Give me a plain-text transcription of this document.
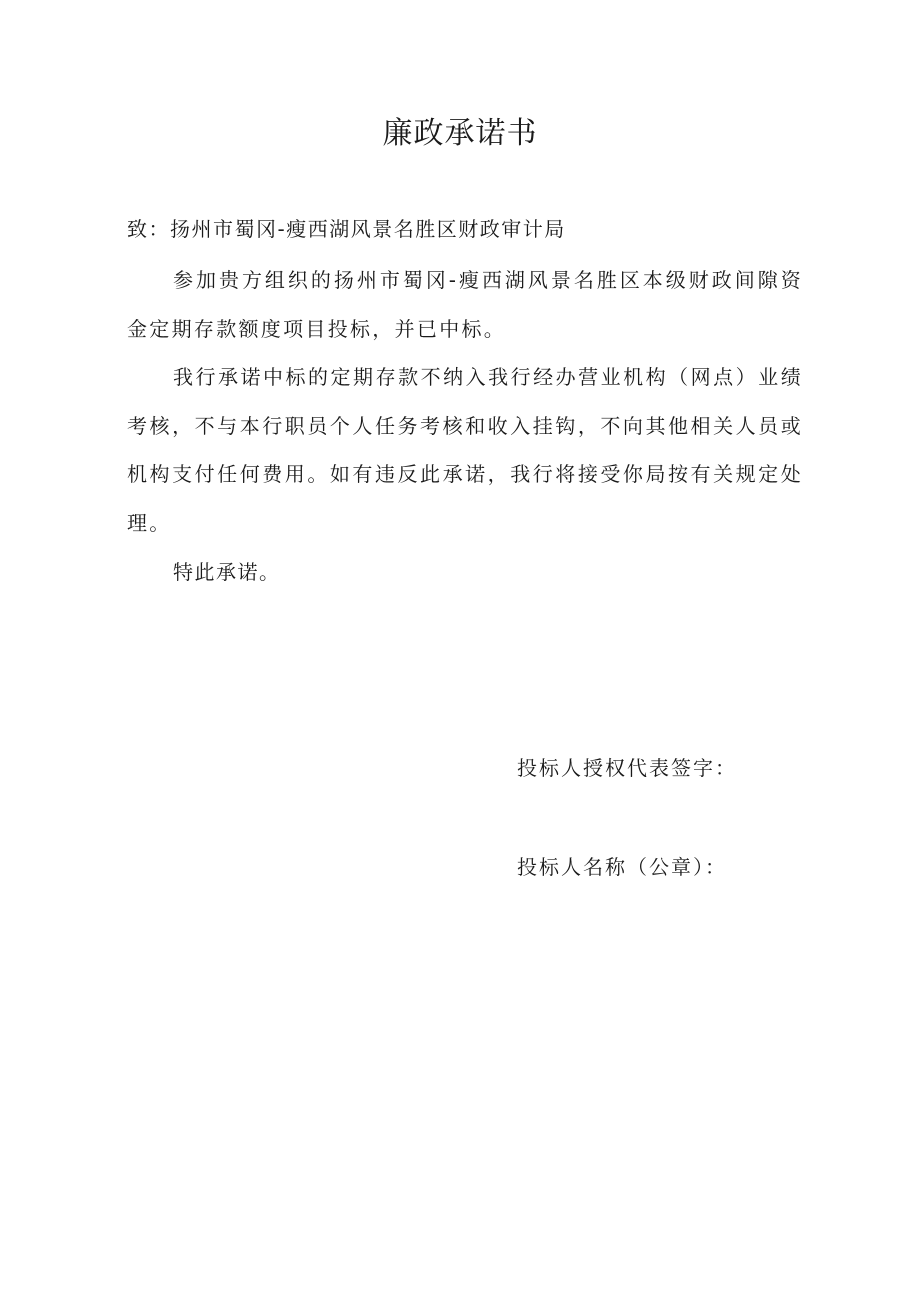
廉政承诺书

致：扬州市蜀冈-瘦西湖风景名胜区财政审计局

参加贵方组织的扬州市蜀冈-瘦西湖风景名胜区本级财政间隙资金定期存款额度项目投标，并已中标。

我行承诺中标的定期存款不纳入我行经办营业机构（网点）业绩考核，不与本行职员个人任务考核和收入挂钩，不向其他相关人员或机构支付任何费用。如有违反此承诺，我行将接受你局按有关规定处理。

特此承诺。

投标人授权代表签字：

投标人名称（公章）：
